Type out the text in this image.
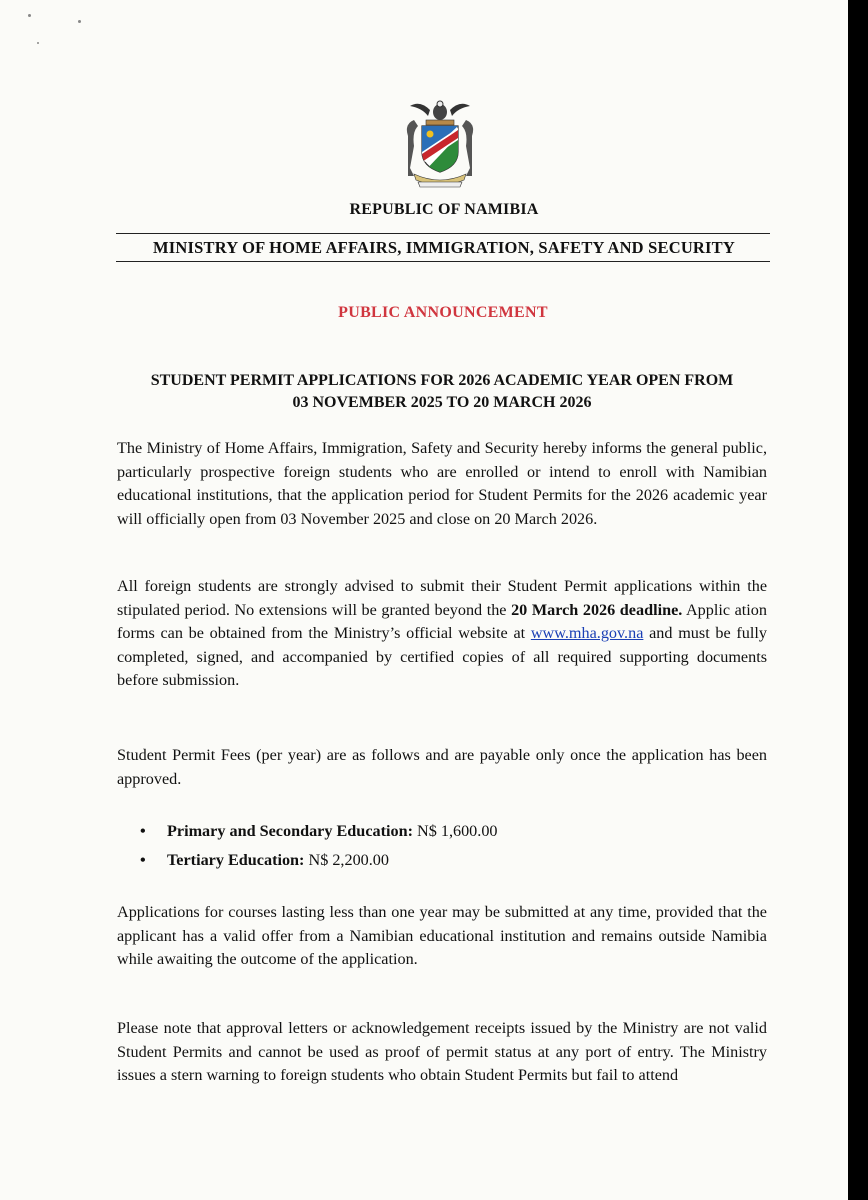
REPUBLIC OF NAMIBIA
MINISTRY OF HOME AFFAIRS, IMMIGRATION, SAFETY AND SECURITY
PUBLIC ANNOUNCEMENT
STUDENT PERMIT APPLICATIONS FOR 2026 ACADEMIC YEAR OPEN FROM
03 NOVEMBER 2025 TO 20 MARCH 2026
The Ministry of Home Affairs, Immigration, Safety and Security hereby informs the general public, particularly prospective foreign students who are enrolled or intend to enroll with Namibian educational institutions, that the application period for Student Permits for the 2026 academic year will officially open from 03 November 2025 and close on 20 March 2026.
All foreign students are strongly advised to submit their Student Permit applications within the stipulated period. No extensions will be granted beyond the 20 March 2026 deadline. Applic ation forms can be obtained from the Ministry’s official website at www.mha.gov.na and must be fully completed, signed, and accompanied by certified copies of all required supporting documents before submission.
Student Permit Fees (per year) are as follows and are payable only once the application has been approved.
• Primary and Secondary Education: N$ 1,600.00
• Tertiary Education: N$ 2,200.00
Applications for courses lasting less than one year may be submitted at any time, provided that the applicant has a valid offer from a Namibian educational institution and remains outside Namibia while awaiting the outcome of the application.
Please note that approval letters or acknowledgement receipts issued by the Ministry are not valid Student Permits and cannot be used as proof of permit status at any port of entry. The Ministry issues a stern warning to foreign students who obtain Student Permits but fail to attend
